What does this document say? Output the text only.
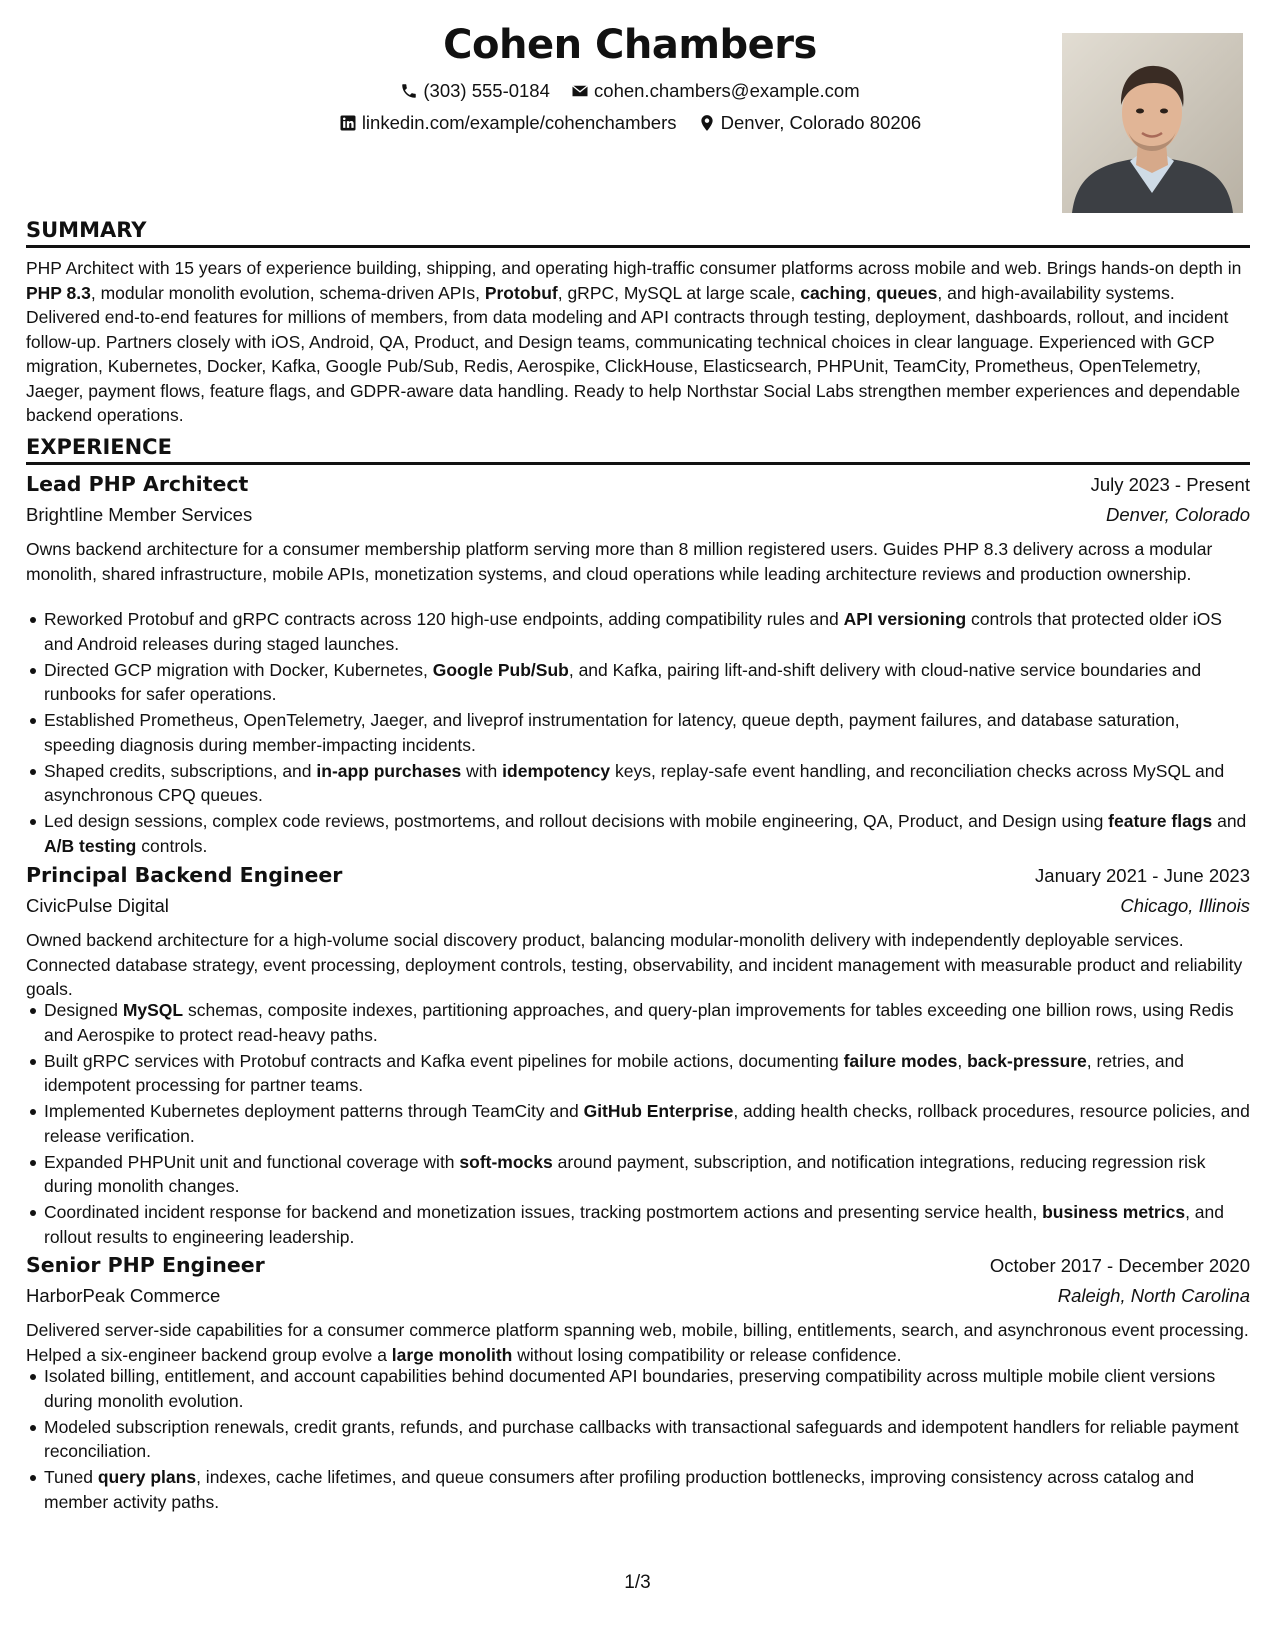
Cohen Chambers
(303) 555-0184
cohen.chambers@example.com
linkedin.com/example/cohenchambers
Denver, Colorado 80206
SUMMARY

PHP Architect with 15 years of experience building, shipping, and operating high-traffic consumer platforms across mobile and web. Brings hands-on depth in PHP 8.3, modular monolith evolution, schema-driven APIs, Protobuf, gRPC, MySQL at large scale, caching, queues, and high-availability systems. Delivered end-to-end features for millions of members, from data modeling and API contracts through testing, deployment, dashboards, rollout, and incident follow-up. Partners closely with iOS, Android, QA, Product, and Design teams, communicating technical choices in clear language. Experienced with GCP migration, Kubernetes, Docker, Kafka, Google Pub/Sub, Redis, Aerospike, ClickHouse, Elasticsearch, PHPUnit, TeamCity, Prometheus, OpenTelemetry, Jaeger, payment flows, feature flags, and GDPR-aware data handling. Ready to help Northstar Social Labs strengthen member experiences and dependable backend operations.

EXPERIENCE
Lead PHP Architect	July 2023 - Present
Brightline Member Services	Denver, Colorado

Owns backend architecture for a consumer membership platform serving more than 8 million registered users. Guides PHP 8.3 delivery across a modular monolith, shared infrastructure, mobile APIs, monetization systems, and cloud operations while leading architecture reviews and production ownership.

Reworked Protobuf and gRPC contracts across 120 high-use endpoints, adding compatibility rules and API versioning controls that protected older iOS and Android releases during staged launches.
Directed GCP migration with Docker, Kubernetes, Google Pub/Sub, and Kafka, pairing lift-and-shift delivery with cloud-native service boundaries and runbooks for safer operations.
Established Prometheus, OpenTelemetry, Jaeger, and liveprof instrumentation for latency, queue depth, payment failures, and database saturation, speeding diagnosis during member-impacting incidents.
Shaped credits, subscriptions, and in-app purchases with idempotency keys, replay-safe event handling, and reconciliation checks across MySQL and asynchronous CPQ queues.
Led design sessions, complex code reviews, postmortems, and rollout decisions with mobile engineering, QA, Product, and Design using feature flags and A/B testing controls.
Principal Backend Engineer	January 2021 - June 2023
CivicPulse Digital	Chicago, Illinois

Owned backend architecture for a high-volume social discovery product, balancing modular-monolith delivery with independently deployable services. Connected database strategy, event processing, deployment controls, testing, observability, and incident management with measurable product and reliability goals.

Designed MySQL schemas, composite indexes, partitioning approaches, and query-plan improvements for tables exceeding one billion rows, using Redis and Aerospike to protect read-heavy paths.
Built gRPC services with Protobuf contracts and Kafka event pipelines for mobile actions, documenting failure modes, back-pressure, retries, and idempotent processing for partner teams.
Implemented Kubernetes deployment patterns through TeamCity and GitHub Enterprise, adding health checks, rollback procedures, resource policies, and release verification.
Expanded PHPUnit unit and functional coverage with soft-mocks around payment, subscription, and notification integrations, reducing regression risk during monolith changes.
Coordinated incident response for backend and monetization issues, tracking postmortem actions and presenting service health, business metrics, and rollout results to engineering leadership.
Senior PHP Engineer	October 2017 - December 2020
HarborPeak Commerce	Raleigh, North Carolina

Delivered server-side capabilities for a consumer commerce platform spanning web, mobile, billing, entitlements, search, and asynchronous event processing. Helped a six-engineer backend group evolve a large monolith without losing compatibility or release confidence.

Isolated billing, entitlement, and account capabilities behind documented API boundaries, preserving compatibility across multiple mobile client versions during monolith evolution.
Modeled subscription renewals, credit grants, refunds, and purchase callbacks with transactional safeguards and idempotent handlers for reliable payment reconciliation.
Tuned query plans, indexes, cache lifetimes, and queue consumers after profiling production bottlenecks, improving consistency across catalog and member activity paths.
1/3
